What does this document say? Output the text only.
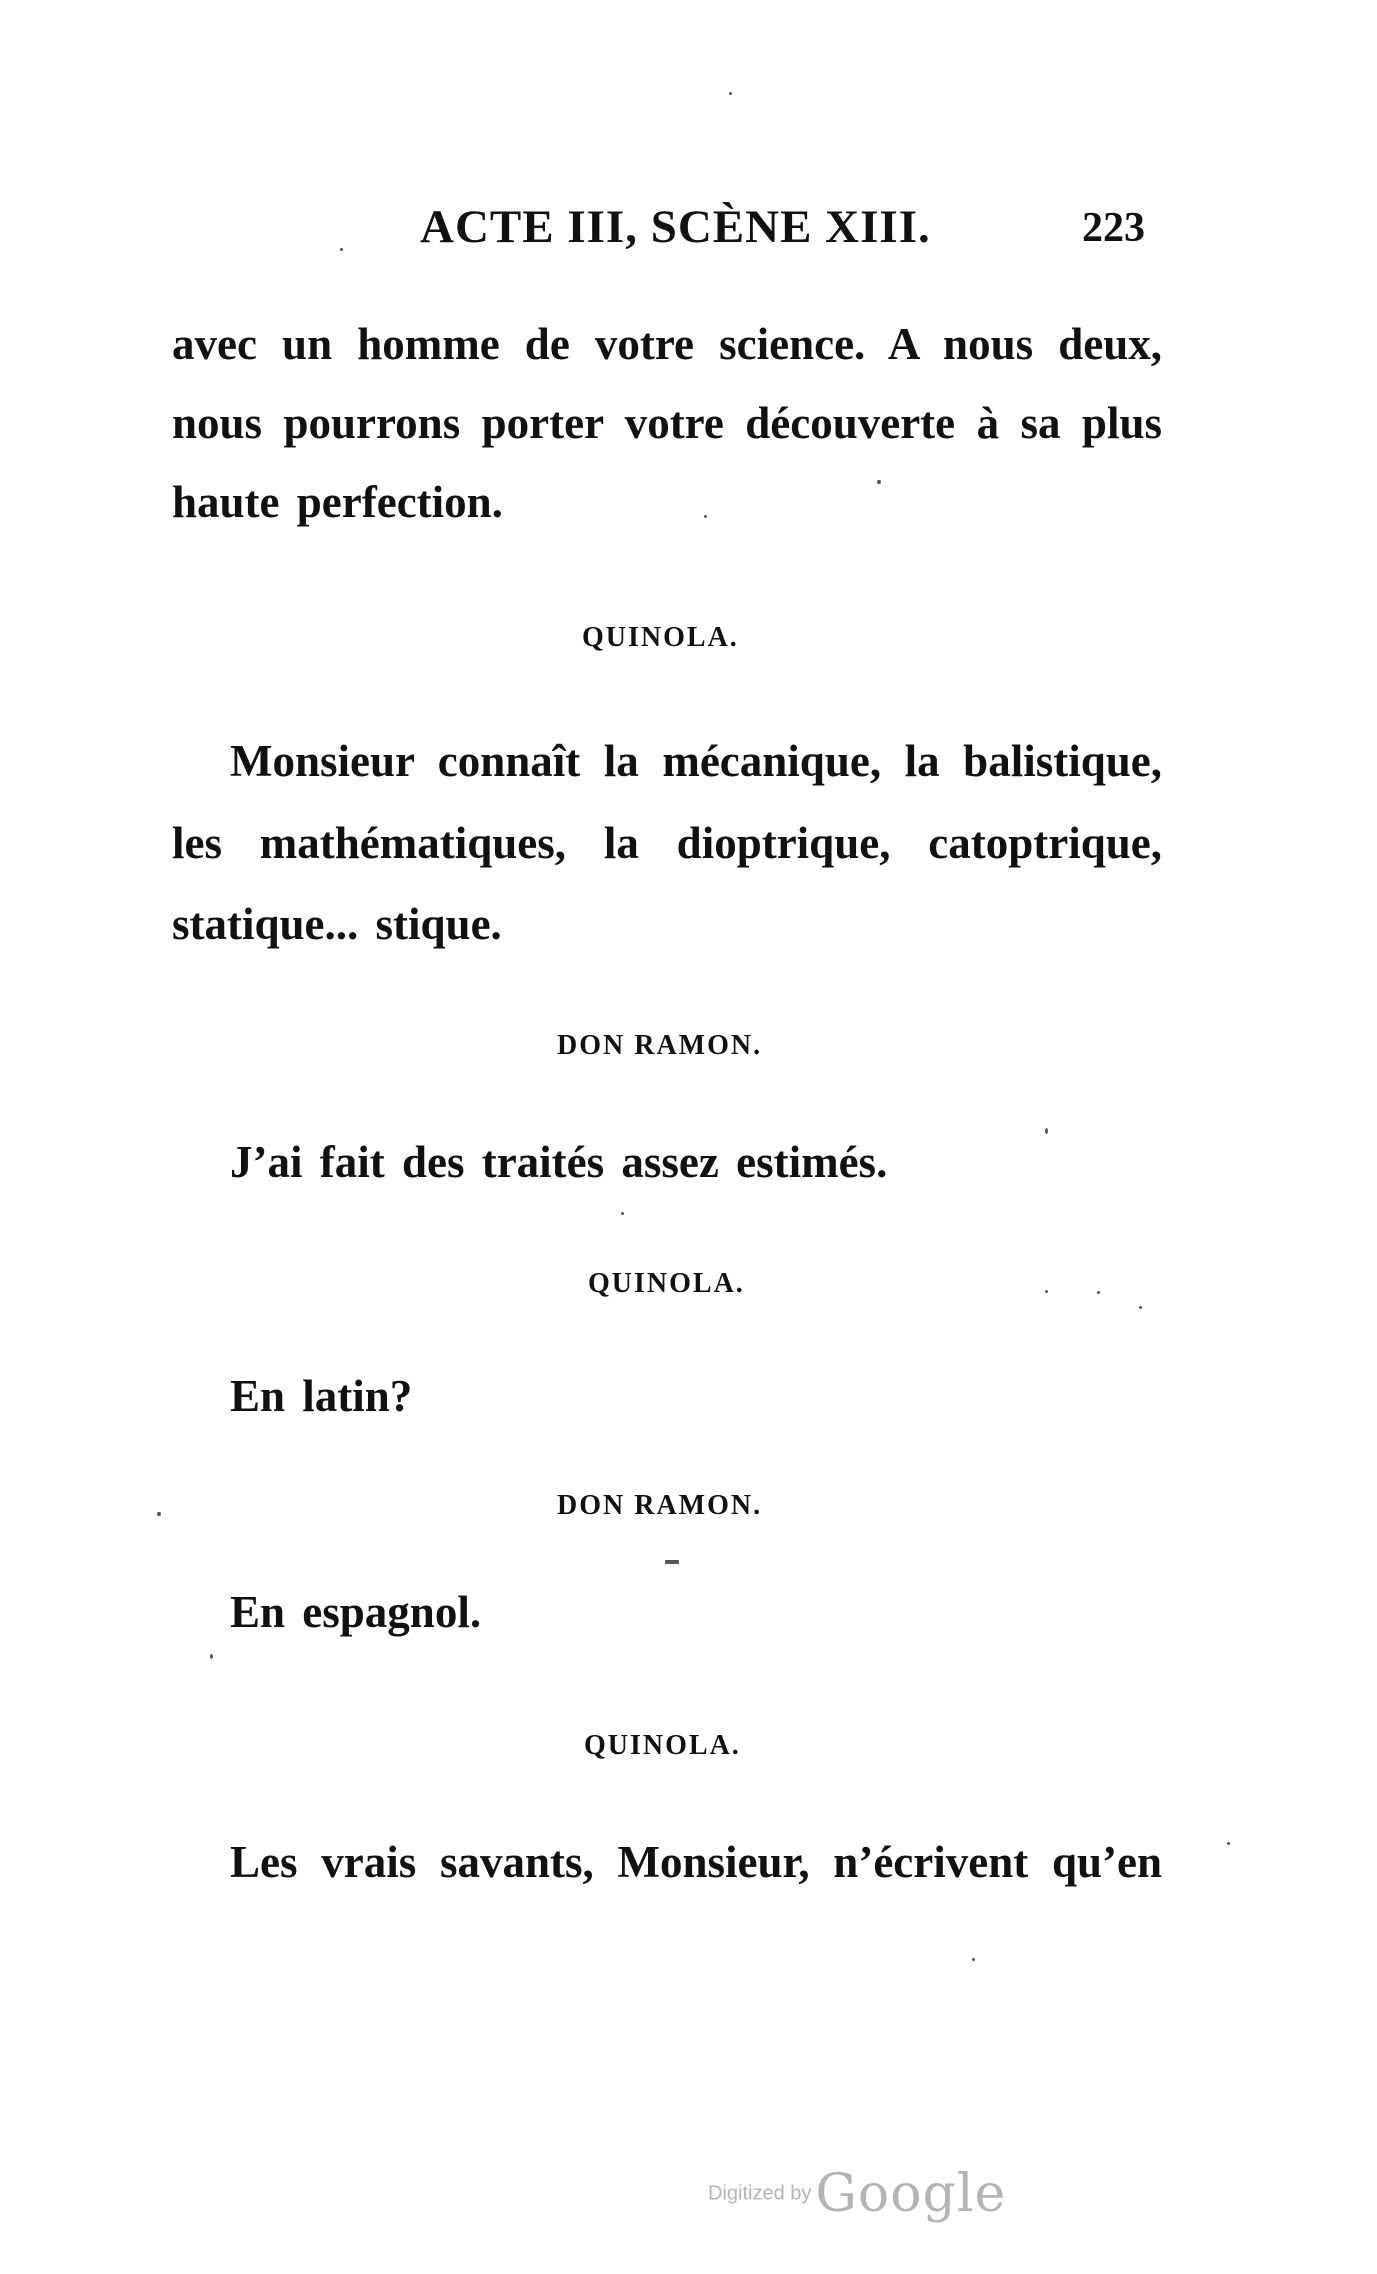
ACTE III, SCÈNE XIII.	223
avec un homme de votre science. A nous deux,
nous pourrons porter votre découverte à sa plus
haute perfection.
QUINOLA.
Monsieur connaît la mécanique, la balistique,
les mathématiques, la dioptrique, catoptrique,
statique... stique.
DON RAMON.
J’ai fait des traités assez estimés.
QUINOLA.
En latin?
DON RAMON.
En espagnol.
QUINOLA.
Les vrais savants, Monsieur, n’écrivent qu’en
Digitized by Google
